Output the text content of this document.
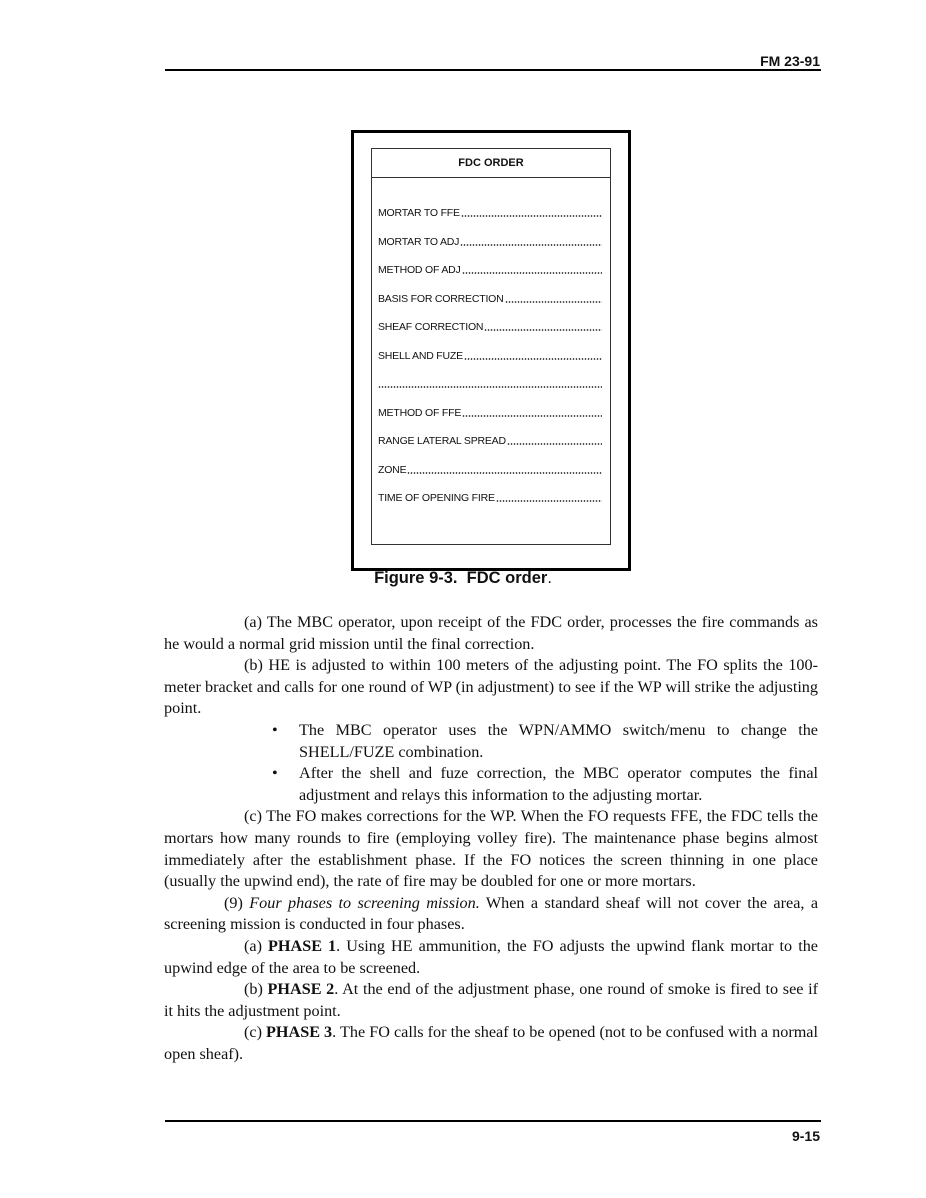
FM 23-91
FDC ORDER
MORTAR TO FFE
MORTAR TO ADJ
METHOD OF ADJ
BASIS FOR CORRECTION
SHEAF CORRECTION
SHELL AND FUZE
METHOD OF FFE
RANGE LATERAL SPREAD
ZONE
TIME OF OPENING FIRE
Figure 9-3. FDC order.

(a) The MBC operator, upon receipt of the FDC order, processes the fire commands as he would a normal grid mission until the final correction.

(b) HE is adjusted to within 100 meters of the adjusting point. The FO splits the 100-meter bracket and calls for one round of WP (in adjustment) to see if the WP will strike the adjusting point.

• The MBC operator uses the WPN/AMMO switch/menu to change the SHELL/FUZE combination.
• After the shell and fuze correction, the MBC operator computes the final adjustment and relays this information to the adjusting mortar.

(c) The FO makes corrections for the WP. When the FO requests FFE, the FDC tells the mortars how many rounds to fire (employing volley fire). The maintenance phase begins almost immediately after the establishment phase. If the FO notices the screen thinning in one place (usually the upwind end), the rate of fire may be doubled for one or more mortars.

(9) Four phases to screening mission. When a standard sheaf will not cover the area, a screening mission is conducted in four phases.

(a) PHASE 1. Using HE ammunition, the FO adjusts the upwind flank mortar to the upwind edge of the area to be screened.

(b) PHASE 2. At the end of the adjustment phase, one round of smoke is fired to see if it hits the adjustment point.

(c) PHASE 3. The FO calls for the sheaf to be opened (not to be confused with a normal open sheaf).

9-15
